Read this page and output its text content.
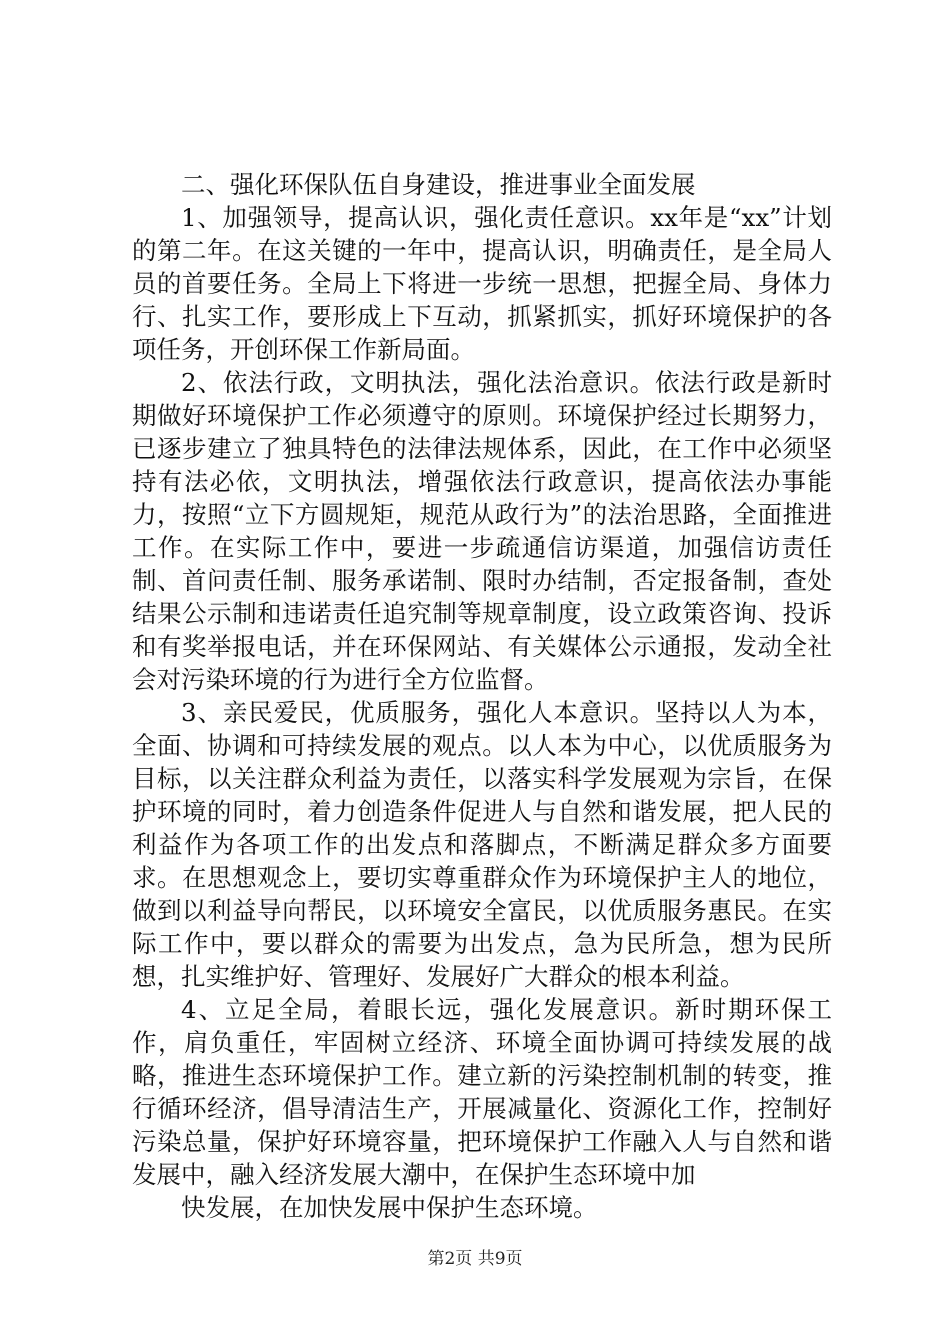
二、强化环保队伍自身建设，推进事业全面发展

1、加强领导，提高认识，强化责任意识。xx年是“xx”计划的第二年。在这关键的一年中，提高认识，明确责任，是全局人员的首要任务。全局上下将进一步统一思想，把握全局、身体力行、扎实工作，要形成上下互动，抓紧抓实，抓好环境保护的各项任务，开创环保工作新局面。

2、依法行政，文明执法，强化法治意识。依法行政是新时期做好环境保护工作必须遵守的原则。环境保护经过长期努力，已逐步建立了独具特色的法律法规体系，因此，在工作中必须坚持有法必依，文明执法，增强依法行政意识，提高依法办事能力，按照“立下方圆规矩，规范从政行为”的法治思路，全面推进工作。在实际工作中，要进一步疏通信访渠道，加强信访责任制、首问责任制、服务承诺制、限时办结制，否定报备制，查处结果公示制和违诺责任追究制等规章制度，设立政策咨询、投诉和有奖举报电话，并在环保网站、有关媒体公示通报，发动全社会对污染环境的行为进行全方位监督。

3、亲民爱民，优质服务，强化人本意识。坚持以人为本，全面、协调和可持续发展的观点。以人本为中心，以优质服务为目标，以关注群众利益为责任，以落实科学发展观为宗旨，在保护环境的同时，着力创造条件促进人与自然和谐发展，把人民的利益作为各项工作的出发点和落脚点，不断满足群众多方面要求。在思想观念上，要切实尊重群众作为环境保护主人的地位，做到以利益导向帮民，以环境安全富民，以优质服务惠民。在实际工作中，要以群众的需要为出发点，急为民所急，想为民所想，扎实维护好、管理好、发展好广大群众的根本利益。

4、立足全局，着眼长远，强化发展意识。新时期环保工作，肩负重任，牢固树立经济、环境全面协调可持续发展的战略，推进生态环境保护工作。建立新的污染控制机制的转变，推行循环经济，倡导清洁生产，开展减量化、资源化工作，控制好污染总量，保护好环境容量，把环境保护工作融入人与自然和谐发展中，融入经济发展大潮中，在保护生态环境中加

快发展，在加快发展中保护生态环境。

第2页 共9页
